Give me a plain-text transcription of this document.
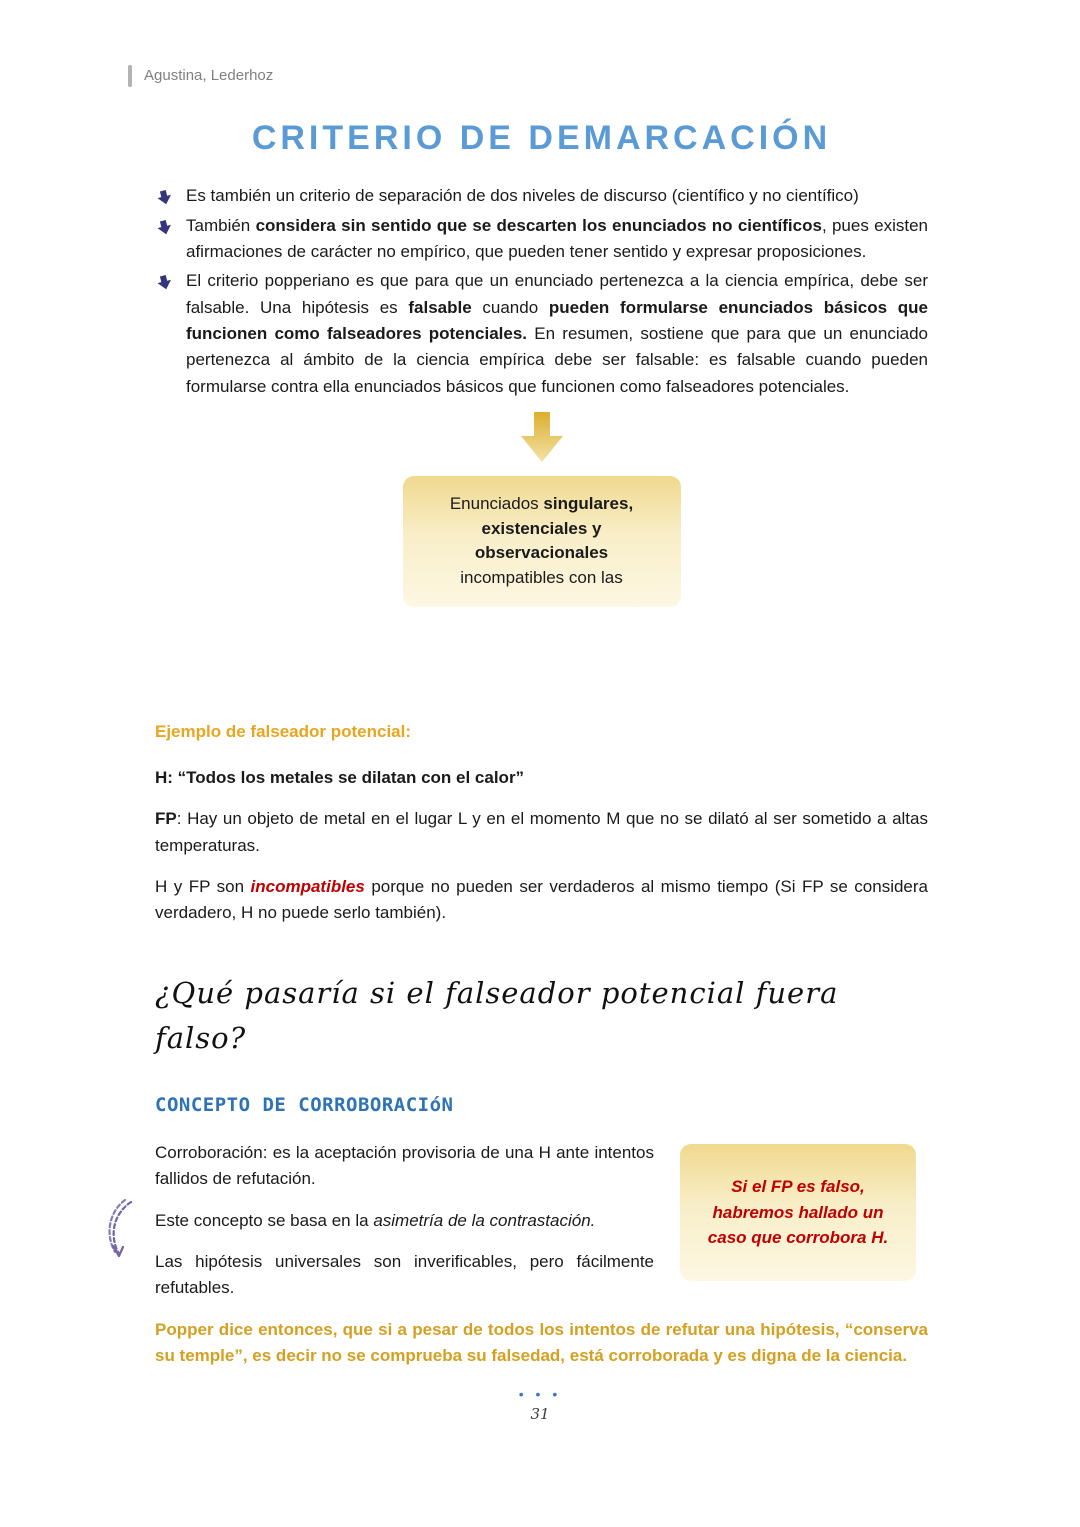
Agustina, Lederhoz
CRITERIO DE DEMARCACIÓN
Es también un criterio de separación de dos niveles de discurso (científico y no científico)
También considera sin sentido que se descarten los enunciados no científicos, pues existen afirmaciones de carácter no empírico, que pueden tener sentido y expresar proposiciones.
El criterio popperiano es que para que un enunciado pertenezca a la ciencia empírica, debe ser falsable. Una hipótesis es falsable cuando pueden formularse enunciados básicos que funcionen como falseadores potenciales. En resumen, sostiene que para que un enunciado pertenezca al ámbito de la ciencia empírica debe ser falsable: es falsable cuando pueden formularse contra ella enunciados básicos que funcionen como falseadores potenciales.

Enunciados singulares, existenciales y observacionales incompatibles con las

Ejemplo de falseador potencial:

H: “Todos los metales se dilatan con el calor”

FP: Hay un objeto de metal en el lugar L y en el momento M que no se dilató al ser sometido a altas temperaturas.

H y FP son incompatibles porque no pueden ser verdaderos al mismo tiempo (Si FP se considera verdadero, H no puede serlo también).

¿Qué pasaría si el falseador potencial fuera falso?
CONCEPTO DE CORROBORACIóN

Si el FP es falso, habremos hallado un caso que corrobora H.

Corroboración: es la aceptación provisoria de una H ante intentos fallidos de refutación.

Este concepto se basa en la asimetría de la contrastación.

Las hipótesis universales son inverificables, pero fácilmente refutables.

Popper dice entonces, que si a pesar de todos los intentos de refutar una hipótesis, “conserva su temple”, es decir no se comprueba su falsedad, está corroborada y es digna de la ciencia.

• • •
31
